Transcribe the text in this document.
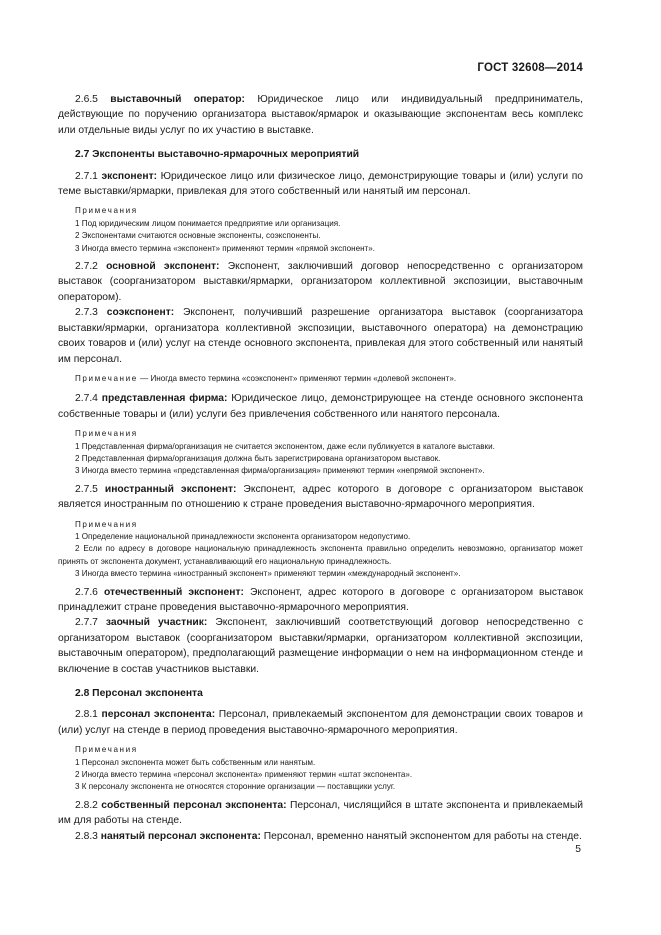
ГОСТ 32608—2014

2.6.5 выставочный оператор: Юридическое лицо или индивидуальный предприниматель, действующие по поручению организатора выставок/ярмарок и оказывающие экспонентам весь комплекс или отдельные виды услуг по их участию в выставке.

2.7 Экспоненты выставочно-ярмарочных мероприятий

2.7.1 экспонент: Юридическое лицо или физическое лицо, демонстрирующие товары и (или) услуги по теме выставки/ярмарки, привлекая для этого собственный или нанятый им персонал.

Примечания

1 Под юридическим лицом понимается предприятие или организация.

2 Экспонентами считаются основные экспоненты, соэкспоненты.

3 Иногда вместо термина «экспонент» применяют термин «прямой экспонент».

2.7.2 основной экспонент: Экспонент, заключивший договор непосредственно с организатором выставок (соорганизатором выставки/ярмарки, организатором коллективной экспозиции, выставочным оператором).

2.7.3 соэкспонент: Экспонент, получивший разрешение организатора выставок (соорганизатора выставки/ярмарки, организатора коллективной экспозиции, выставочного оператора) на демонстрацию своих товаров и (или) услуг на стенде основного экспонента, привлекая для этого собственный или нанятый им персонал.

Примечание — Иногда вместо термина «соэкспонент» применяют термин «долевой экспонент».

2.7.4 представленная фирма: Юридическое лицо, демонстрирующее на стенде основного экспонента собственные товары и (или) услуги без привлечения собственного или нанятого персонала.

Примечания

1 Представленная фирма/организация не считается экспонентом, даже если публикуется в каталоге выставки.

2 Представленная фирма/организация должна быть зарегистрирована организатором выставок.

3 Иногда вместо термина «представленная фирма/организация» применяют термин «непрямой экспонент».

2.7.5 иностранный экспонент: Экспонент, адрес которого в договоре с организатором выставок является иностранным по отношению к стране проведения выставочно-ярмарочного мероприятия.

Примечания

1 Определение национальной принадлежности экспонента организатором недопустимо.

2 Если по адресу в договоре национальную принадлежность экспонента правильно определить невозможно, организатор может принять от экспонента документ, устанавливающий его национальную принадлежность.

3 Иногда вместо термина «иностранный экспонент» применяют термин «международный экспонент».

2.7.6 отечественный экспонент: Экспонент, адрес которого в договоре с организатором выставок принадлежит стране проведения выставочно-ярмарочного мероприятия.

2.7.7 заочный участник: Экспонент, заключивший соответствующий договор непосредственно с организатором выставок (соорганизатором выставки/ярмарки, организатором коллективной экспозиции, выставочным оператором), предполагающий размещение информации о нем на информационном стенде и включение в состав участников выставки.

2.8 Персонал экспонента

2.8.1 персонал экспонента: Персонал, привлекаемый экспонентом для демонстрации своих товаров и (или) услуг на стенде в период проведения выставочно-ярмарочного мероприятия.

Примечания

1 Персонал экспонента может быть собственным или нанятым.

2 Иногда вместо термина «персонал экспонента» применяют термин «штат экспонента».

3 К персоналу экспонента не относятся сторонние организации — поставщики услуг.

2.8.2 собственный персонал экспонента: Персонал, числящийся в штате экспонента и привлекаемый им для работы на стенде.

2.8.3 нанятый персонал экспонента: Персонал, временно нанятый экспонентом для работы на стенде.

5
